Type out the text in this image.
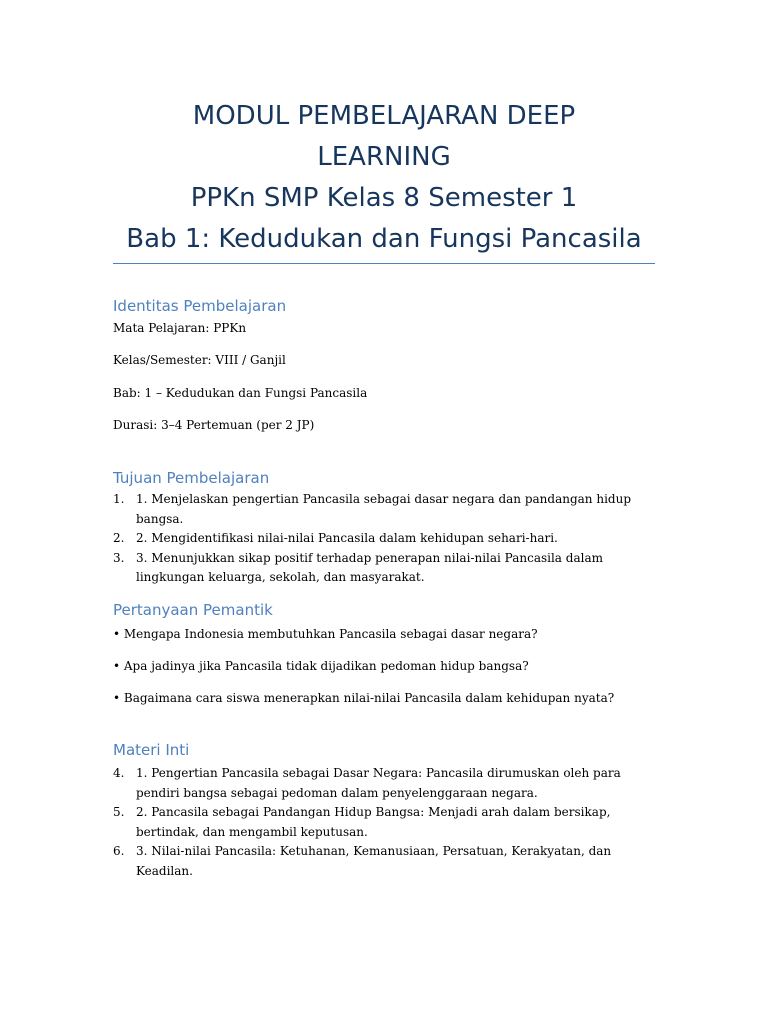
MODUL PEMBELAJARAN DEEP
LEARNING
PPKn SMP Kelas 8 Semester 1
Bab 1: Kedudukan dan Fungsi Pancasila
Identitas Pembelajaran

Mata Pelajaran: PPKn

Kelas/Semester: VIII / Ganjil

Bab: 1 – Kedudukan dan Fungsi Pancasila

Durasi: 3–4 Pertemuan (per 2 JP)

Tujuan Pembelajaran
1. 1. Menjelaskan pengertian Pancasila sebagai dasar negara dan pandangan hidup bangsa.
2. 2. Mengidentifikasi nilai-nilai Pancasila dalam kehidupan sehari-hari.
3. 3. Menunjukkan sikap positif terhadap penerapan nilai-nilai Pancasila dalam lingkungan keluarga, sekolah, dan masyarakat.
Pertanyaan Pemantik

• Mengapa Indonesia membutuhkan Pancasila sebagai dasar negara?

• Apa jadinya jika Pancasila tidak dijadikan pedoman hidup bangsa?

• Bagaimana cara siswa menerapkan nilai-nilai Pancasila dalam kehidupan nyata?

Materi Inti
4. 1. Pengertian Pancasila sebagai Dasar Negara: Pancasila dirumuskan oleh para pendiri bangsa sebagai pedoman dalam penyelenggaraan negara.
5. 2. Pancasila sebagai Pandangan Hidup Bangsa: Menjadi arah dalam bersikap, bertindak, dan mengambil keputusan.
6. 3. Nilai-nilai Pancasila: Ketuhanan, Kemanusiaan, Persatuan, Kerakyatan, dan Keadilan.
